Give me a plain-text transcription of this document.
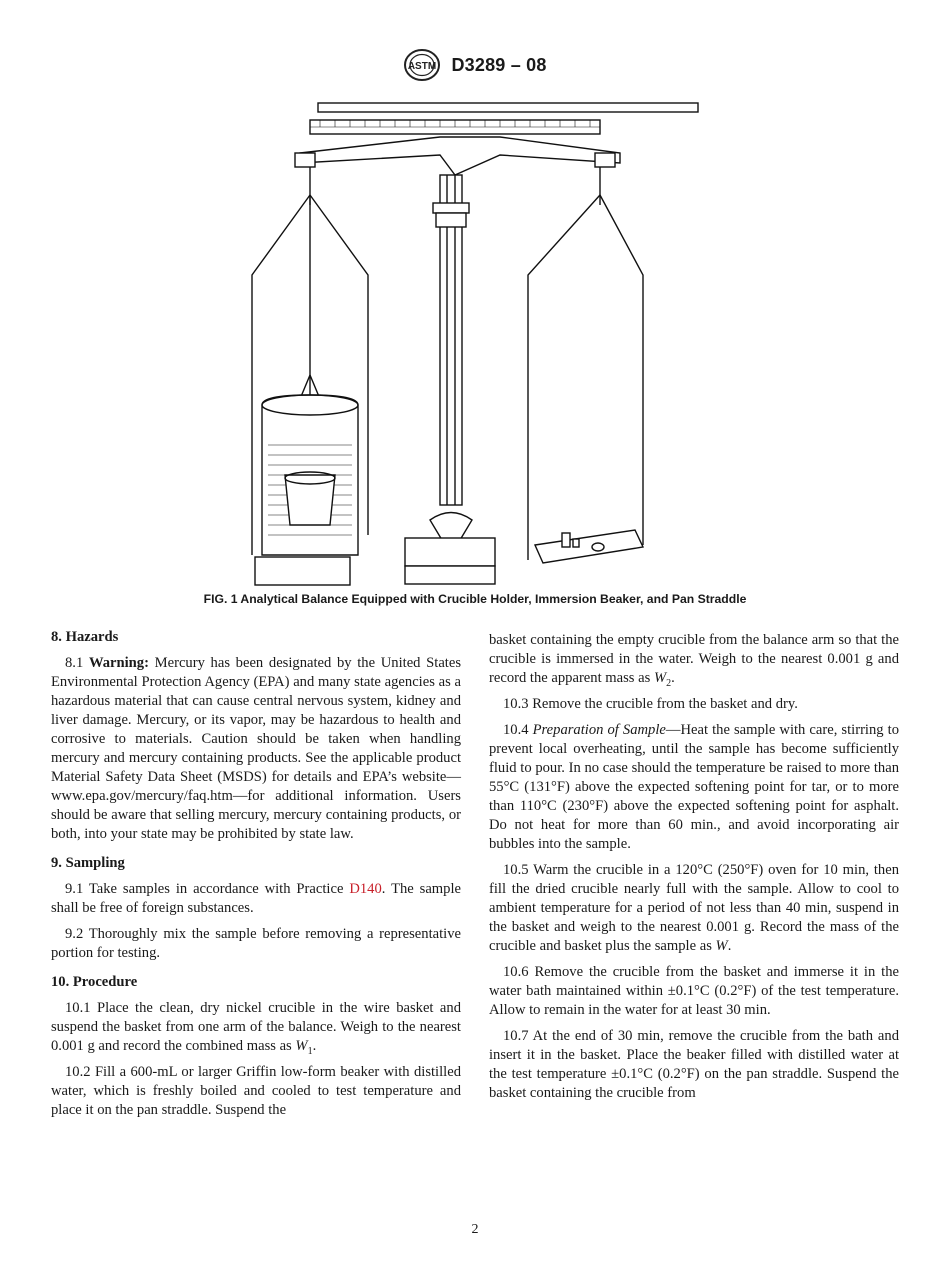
ASTM D3289 – 08
FIG. 1 Analytical Balance Equipped with Crucible Holder, Immersion Beaker, and Pan Straddle
8. Hazards

8.1 Warning: Mercury has been designated by the United States Environmental Protection Agency (EPA) and many state agencies as a hazardous material that can cause central nervous system, kidney and liver damage. Mercury, or its vapor, may be hazardous to health and corrosive to materials. Caution should be taken when handling mercury and mercury containing products. See the applicable product Material Safety Data Sheet (MSDS) for details and EPA’s website—www.epa.gov/mercury/faq.htm—for additional information. Users should be aware that selling mercury, mercury containing products, or both, into your state may be prohibited by state law.

9. Sampling

9.1 Take samples in accordance with Practice D140. The sample shall be free of foreign substances.

9.2 Thoroughly mix the sample before removing a representative portion for testing.

10. Procedure

10.1 Place the clean, dry nickel crucible in the wire basket and suspend the basket from one arm of the balance. Weigh to the nearest 0.001 g and record the combined mass as $W_1$.

10.2 Fill a 600-mL or larger Griffin low-form beaker with distilled water, which is freshly boiled and cooled to test temperature and place it on the pan straddle. Suspend the

basket containing the empty crucible from the balance arm so that the crucible is immersed in the water. Weigh to the nearest 0.001 g and record the apparent mass as $W_2$.

10.3 Remove the crucible from the basket and dry.

10.4 Preparation of Sample—Heat the sample with care, stirring to prevent local overheating, until the sample has become sufficiently fluid to pour. In no case should the temperature be raised to more than 55°C (131°F) above the expected softening point for tar, or to more than 110°C (230°F) above the expected softening point for asphalt. Do not heat for more than 60 min., and avoid incorporating air bubbles into the sample.

10.5 Warm the crucible in a 120°C (250°F) oven for 10 min, then fill the dried crucible nearly full with the sample. Allow to cool to ambient temperature for a period of not less than 40 min, suspend in the basket and weigh to the nearest 0.001 g. Record the mass of the crucible and basket plus the sample as W.

10.6 Remove the crucible from the basket and immerse it in the water bath maintained within ±0.1°C (0.2°F) of the test temperature. Allow to remain in the water for at least 30 min.

10.7 At the end of 30 min, remove the crucible from the bath and insert it in the basket. Place the beaker filled with distilled water at the test temperature ±0.1°C (0.2°F) on the pan straddle. Suspend the basket containing the crucible from

2
